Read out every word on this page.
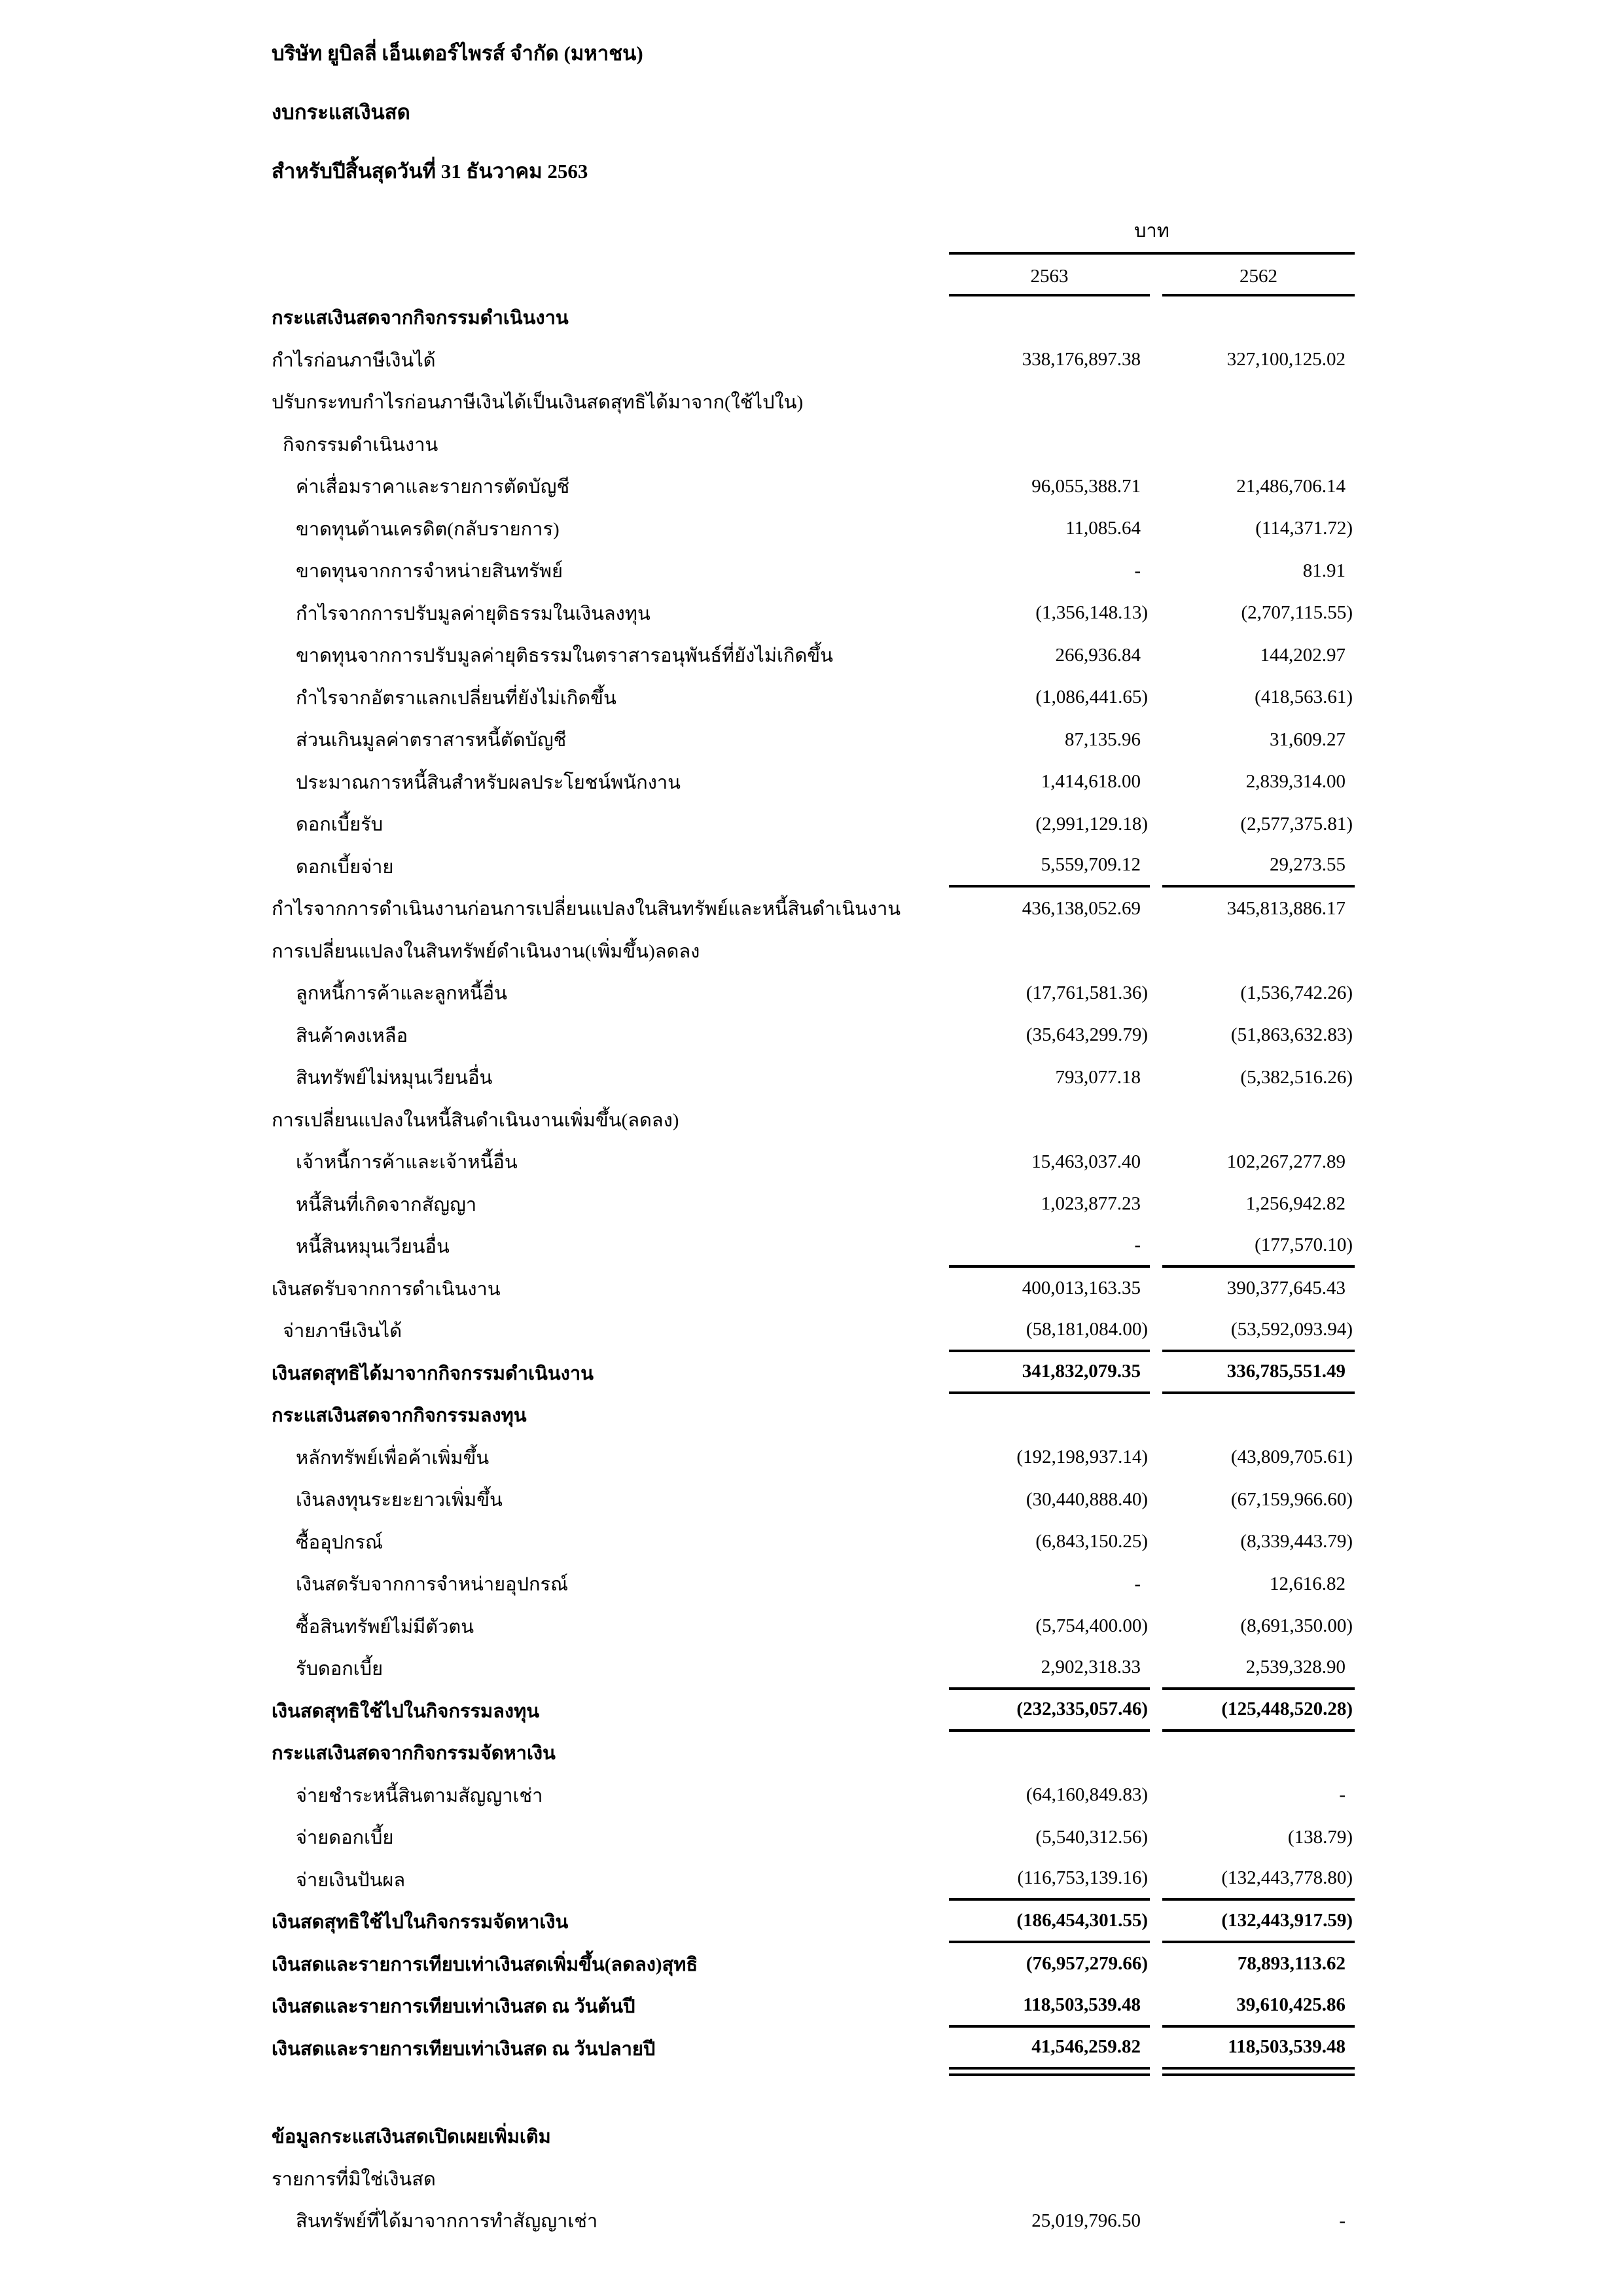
บริษัท ยูบิลลี่ เอ็นเตอร์ไพรส์ จำกัด (มหาชน)
งบกระแสเงินสด
สำหรับปีสิ้นสุดวันที่ 31 ธันวาคม 2563
บาท
2563	2562
กระแสเงินสดจากกิจกรรมดำเนินงาน
กำไรก่อนภาษีเงินได้	338,176,897.38	327,100,125.02
ปรับกระทบกำไรก่อนภาษีเงินได้เป็นเงินสดสุทธิได้มาจาก(ใช้ไปใน)
กิจกรรมดำเนินงาน
ค่าเสื่อมราคาและรายการตัดบัญชี	96,055,388.71	21,486,706.14
ขาดทุนด้านเครดิต(กลับรายการ)	11,085.64	(114,371.72)
ขาดทุนจากการจำหน่ายสินทรัพย์	-	81.91
กำไรจากการปรับมูลค่ายุติธรรมในเงินลงทุน	(1,356,148.13)	(2,707,115.55)
ขาดทุนจากการปรับมูลค่ายุติธรรมในตราสารอนุพันธ์ที่ยังไม่เกิดขึ้น	266,936.84	144,202.97
กำไรจากอัตราแลกเปลี่ยนที่ยังไม่เกิดขึ้น	(1,086,441.65)	(418,563.61)
ส่วนเกินมูลค่าตราสารหนี้ตัดบัญชี	87,135.96	31,609.27
ประมาณการหนี้สินสำหรับผลประโยชน์พนักงาน	1,414,618.00	2,839,314.00
ดอกเบี้ยรับ	(2,991,129.18)	(2,577,375.81)
ดอกเบี้ยจ่าย	5,559,709.12	29,273.55
กำไรจากการดำเนินงานก่อนการเปลี่ยนแปลงในสินทรัพย์และหนี้สินดำเนินงาน	436,138,052.69	345,813,886.17
การเปลี่ยนแปลงในสินทรัพย์ดำเนินงาน(เพิ่มขึ้น)ลดลง
ลูกหนี้การค้าและลูกหนี้อื่น	(17,761,581.36)	(1,536,742.26)
สินค้าคงเหลือ	(35,643,299.79)	(51,863,632.83)
สินทรัพย์ไม่หมุนเวียนอื่น	793,077.18	(5,382,516.26)
การเปลี่ยนแปลงในหนี้สินดำเนินงานเพิ่มขึ้น(ลดลง)
เจ้าหนี้การค้าและเจ้าหนี้อื่น	15,463,037.40	102,267,277.89
หนี้สินที่เกิดจากสัญญา	1,023,877.23	1,256,942.82
หนี้สินหมุนเวียนอื่น	-	(177,570.10)
เงินสดรับจากการดำเนินงาน	400,013,163.35	390,377,645.43
จ่ายภาษีเงินได้	(58,181,084.00)	(53,592,093.94)
เงินสดสุทธิได้มาจากกิจกรรมดำเนินงาน	341,832,079.35	336,785,551.49
กระแสเงินสดจากกิจกรรมลงทุน
หลักทรัพย์เพื่อค้าเพิ่มขึ้น	(192,198,937.14)	(43,809,705.61)
เงินลงทุนระยะยาวเพิ่มขึ้น	(30,440,888.40)	(67,159,966.60)
ซื้ออุปกรณ์	(6,843,150.25)	(8,339,443.79)
เงินสดรับจากการจำหน่ายอุปกรณ์	-	12,616.82
ซื้อสินทรัพย์ไม่มีตัวตน	(5,754,400.00)	(8,691,350.00)
รับดอกเบี้ย	2,902,318.33	2,539,328.90
เงินสดสุทธิใช้ไปในกิจกรรมลงทุน	(232,335,057.46)	(125,448,520.28)
กระแสเงินสดจากกิจกรรมจัดหาเงิน
จ่ายชำระหนี้สินตามสัญญาเช่า	(64,160,849.83)	-
จ่ายดอกเบี้ย	(5,540,312.56)	(138.79)
จ่ายเงินปันผล	(116,753,139.16)	(132,443,778.80)
เงินสดสุทธิใช้ไปในกิจกรรมจัดหาเงิน	(186,454,301.55)	(132,443,917.59)
เงินสดและรายการเทียบเท่าเงินสดเพิ่มขึ้น(ลดลง)สุทธิ	(76,957,279.66)	78,893,113.62
เงินสดและรายการเทียบเท่าเงินสด ณ วันต้นปี	118,503,539.48	39,610,425.86
เงินสดและรายการเทียบเท่าเงินสด ณ วันปลายปี	41,546,259.82	118,503,539.48
ข้อมูลกระแสเงินสดเปิดเผยเพิ่มเติม
รายการที่มิใช่เงินสด
สินทรัพย์ที่ได้มาจากการทำสัญญาเช่า	25,019,796.50	-
